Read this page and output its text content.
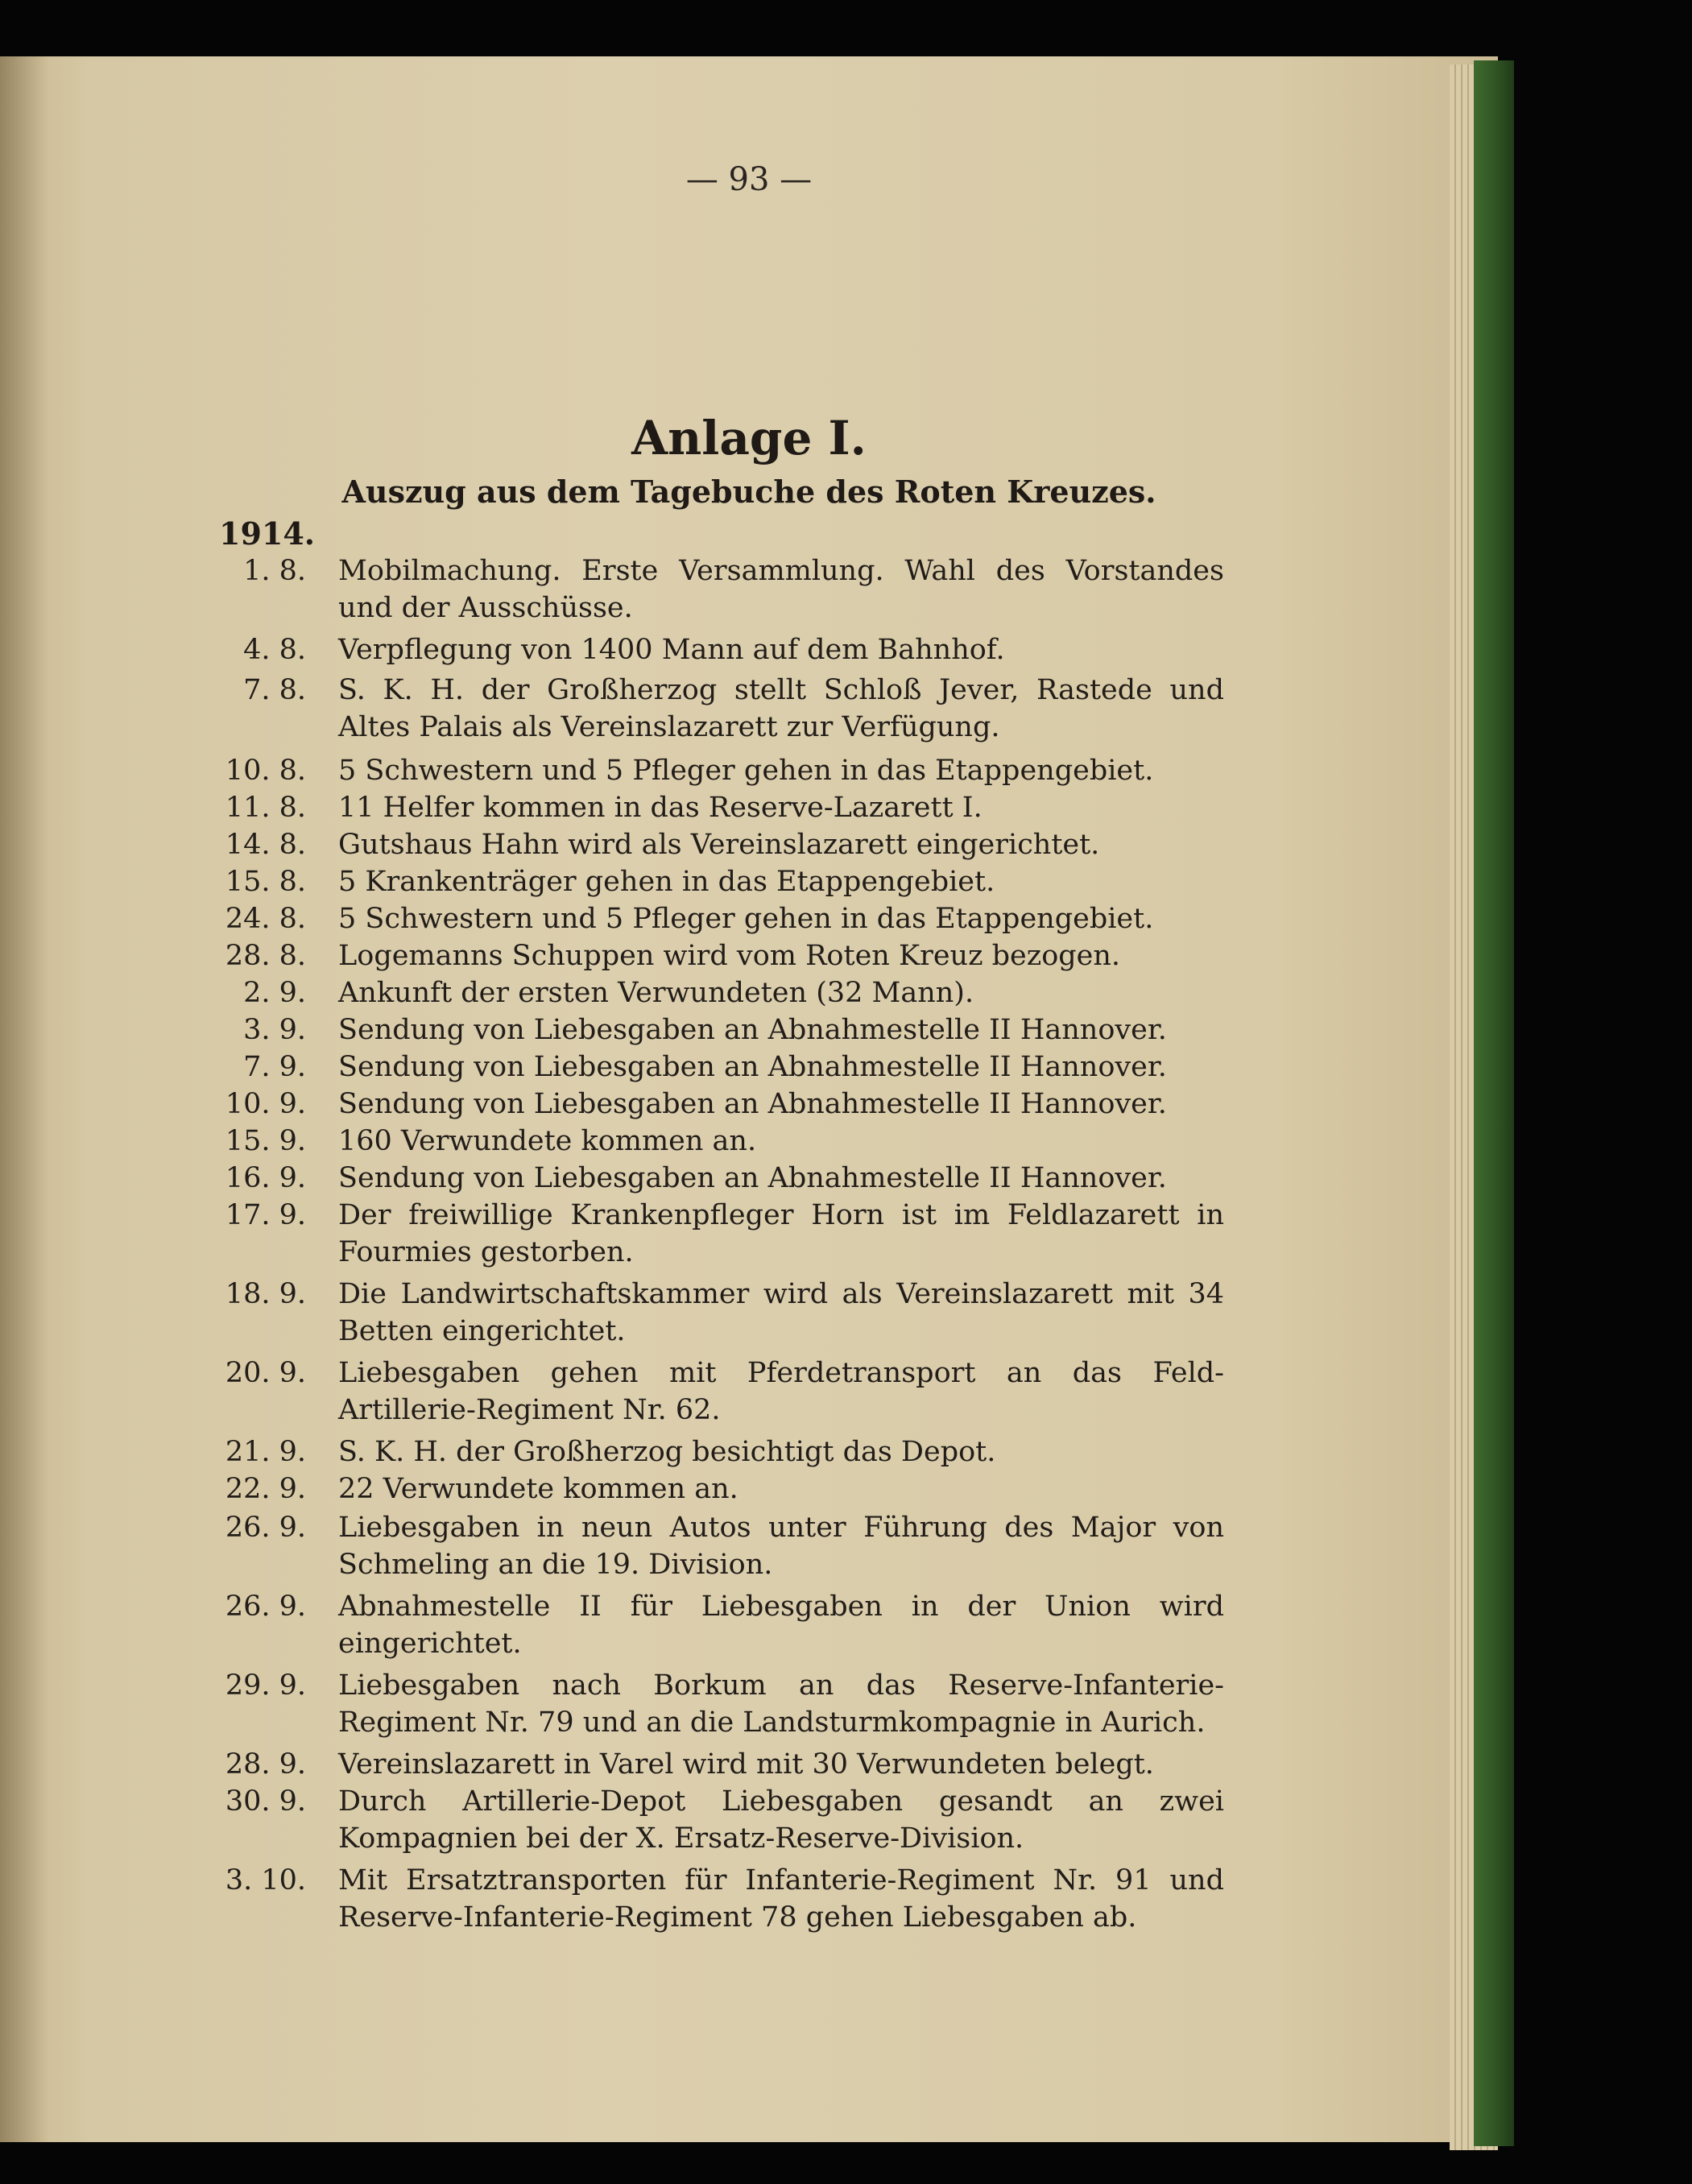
— 93 —
Anlage I.
Auszug aus dem Tagebuche des Roten Kreuzes.
1914.
1. 8. Mobilmachung. Erste Versammlung. Wahl des Vorstandes und der Ausschüsse.
4. 8. Verpflegung von 1400 Mann auf dem Bahnhof.
7. 8. S. K. H. der Großherzog stellt Schloß Jever, Rastede und Altes Palais als Vereinslazarett zur Verfügung.
10. 8. 5 Schwestern und 5 Pfleger gehen in das Etappengebiet.
11. 8. 11 Helfer kommen in das Reserve-Lazarett I.
14. 8. Gutshaus Hahn wird als Vereinslazarett eingerichtet.
15. 8. 5 Krankenträger gehen in das Etappengebiet.
24. 8. 5 Schwestern und 5 Pfleger gehen in das Etappengebiet.
28. 8. Logemanns Schuppen wird vom Roten Kreuz bezogen.
2. 9. Ankunft der ersten Verwundeten (32 Mann).
3. 9. Sendung von Liebesgaben an Abnahmestelle II Hannover.
7. 9. Sendung von Liebesgaben an Abnahmestelle II Hannover.
10. 9. Sendung von Liebesgaben an Abnahmestelle II Hannover.
15. 9. 160 Verwundete kommen an.
16. 9. Sendung von Liebesgaben an Abnahmestelle II Hannover.
17. 9. Der freiwillige Krankenpfleger Horn ist im Feldlazarett in Fourmies gestorben.
18. 9. Die Landwirtschaftskammer wird als Vereinslazarett mit 34 Betten eingerichtet.
20. 9. Liebesgaben gehen mit Pferdetransport an das Feld-Artillerie-Regiment Nr. 62.
21. 9. S. K. H. der Großherzog besichtigt das Depot.
22. 9. 22 Verwundete kommen an.
26. 9. Liebesgaben in neun Autos unter Führung des Major von Schmeling an die 19. Division.
26. 9. Abnahmestelle II für Liebesgaben in der Union wird eingerichtet.
29. 9. Liebesgaben nach Borkum an das Reserve-Infanterie-Regiment Nr. 79 und an die Landsturmkompagnie in Aurich.
28. 9. Vereinslazarett in Varel wird mit 30 Verwundeten belegt.
30. 9. Durch Artillerie-Depot Liebesgaben gesandt an zwei Kompagnien bei der X. Ersatz-Reserve-Division.
3. 10. Mit Ersatztransporten für Infanterie-Regiment Nr. 91 und Reserve-Infanterie-Regiment 78 gehen Liebesgaben ab.
